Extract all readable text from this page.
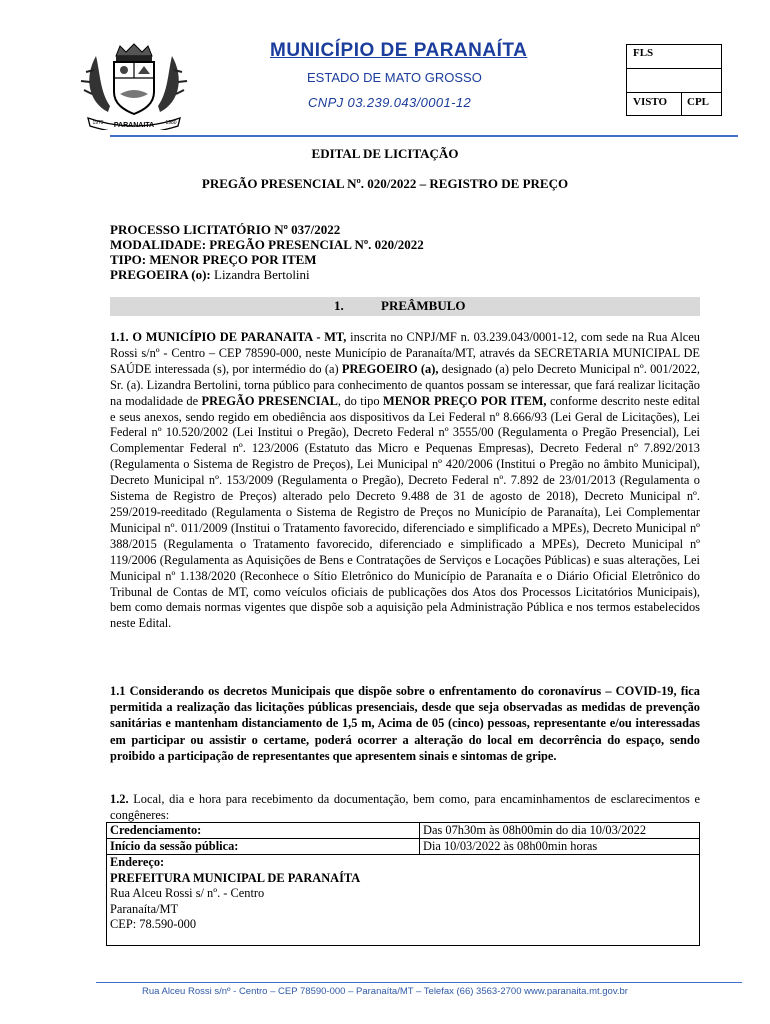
PARANAITA
1979	1980
MUNICÍPIO DE PARANAÍTA
ESTADO DE MATO GROSSO
CNPJ 03.239.043/0001-12
FLS
VISTO	CPL
EDITAL DE LICITAÇÃO
PREGÃO PRESENCIAL Nº. 020/2022 – REGISTRO DE PREÇO
PROCESSO LICITATÓRIO Nº 037/2022
MODALIDADE: PREGÃO PRESENCIAL Nº. 020/2022
TIPO: MENOR PREÇO POR ITEM
PREGOEIRA (o): Lizandra Bertolini
1.	PREÂMBULO
1.1. O MUNICÍPIO DE PARANAITA - MT, inscrita no CNPJ/MF n. 03.239.043/0001-12, com sede na Rua Alceu Rossi s/nº - Centro – CEP 78590-000, neste Município de Paranaíta/MT, através da SECRETARIA MUNICIPAL DE SAÚDE interessada (s), por intermédio do (a) PREGOEIRO (a), designado (a) pelo Decreto Municipal nº. 001/2022, Sr. (a). Lizandra Bertolini, torna público para conhecimento de quantos possam se interessar, que fará realizar licitação na modalidade de PREGÃO PRESENCIAL, do tipo MENOR PREÇO POR ITEM, conforme descrito neste edital e seus anexos, sendo regido em obediência aos dispositivos da Lei Federal nº 8.666/93 (Lei Geral de Licitações), Lei Federal nº 10.520/2002 (Lei Institui o Pregão), Decreto Federal nº 3555/00 (Regulamenta o Pregão Presencial), Lei Complementar Federal nº. 123/2006 (Estatuto das Micro e Pequenas Empresas), Decreto Federal nº 7.892/2013 (Regulamenta o Sistema de Registro de Preços), Lei Municipal nº 420/2006 (Institui o Pregão no âmbito Municipal), Decreto Municipal nº. 153/2009 (Regulamenta o Pregão), Decreto Federal nº. 7.892 de 23/01/2013 (Regulamenta o Sistema de Registro de Preços) alterado pelo Decreto 9.488 de 31 de agosto de 2018), Decreto Municipal nº. 259/2019-reeditado (Regulamenta o Sistema de Registro de Preços no Município de Paranaíta), Lei Complementar Municipal nº. 011/2009 (Institui o Tratamento favorecido, diferenciado e simplificado a MPEs), Decreto Municipal nº 388/2015 (Regulamenta o Tratamento favorecido, diferenciado e simplificado a MPEs), Decreto Municipal nº 119/2006 (Regulamenta as Aquisições de Bens e Contratações de Serviços e Locações Públicas) e suas alterações, Lei Municipal nº 1.138/2020 (Reconhece o Sítio Eletrônico do Município de Paranaíta e o Diário Oficial Eletrônico do Tribunal de Contas de MT, como veículos oficiais de publicações dos Atos dos Processos Licitatórios Municipais), bem como demais normas vigentes que dispõe sob a aquisição pela Administração Pública e nos termos estabelecidos neste Edital.
1.1 Considerando os decretos Municipais que dispõe sobre o enfrentamento do coronavírus – COVID-19, fica permitida a realização das licitações públicas presenciais, desde que seja observadas as medidas de prevenção sanitárias e mantenham distanciamento de 1,5 m, Acima de 05 (cinco) pessoas, representante e/ou interessadas em participar ou assistir o certame, poderá ocorrer a alteração do local em decorrência do espaço, sendo proibido a participação de representantes que apresentem sinais e sintomas de gripe.
1.2. Local, dia e hora para recebimento da documentação, bem como, para encaminhamentos de esclarecimentos e congêneres:
Credenciamento:	Das 07h30m às 08h00min do dia 10/03/2022
Início da sessão pública:	Dia 10/03/2022 às 08h00min horas

Endereço:
PREFEITURA MUNICIPAL DE PARANAÍTA
Rua Alceu Rossi s/ nº. - Centro
Paranaíta/MT
CEP: 78.590-000	
Rua Alceu Rossi s/nº - Centro – CEP 78590-000 – Paranaíta/MT – Telefax (66) 3563-2700 www.paranaita.mt.gov.br
